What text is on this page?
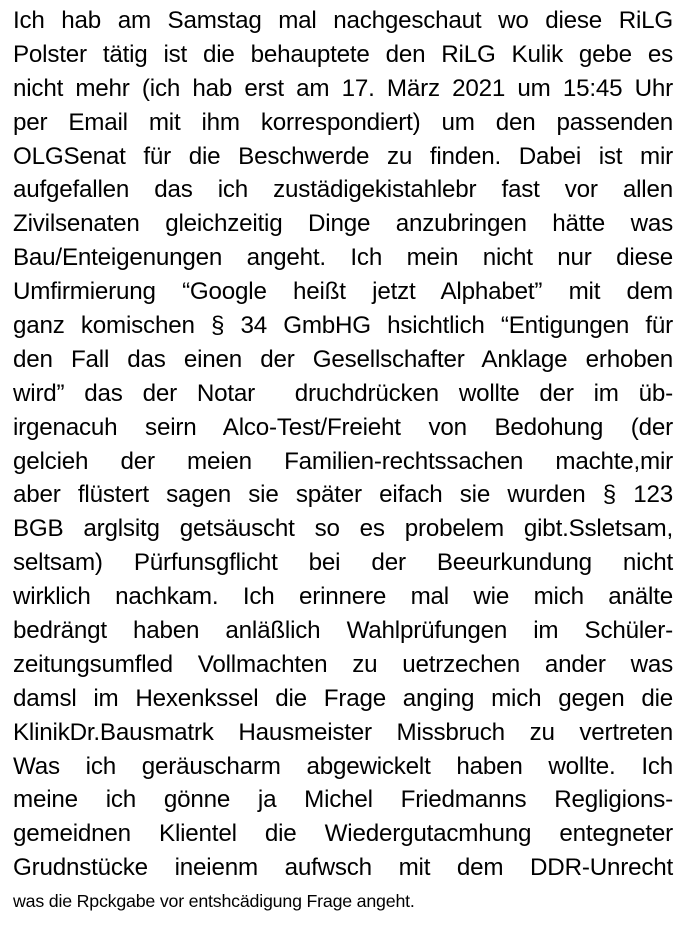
Ich hab am Samstag mal nachgeschaut wo diese RiLG
Polster tätig ist die behauptete den RiLG Kulik gebe es
nicht mehr (ich hab erst am 17. März 2021 um 15:45 Uhr
per Email mit ihm korrespondiert) um den passenden
OLGSenat für die Beschwerde zu finden. Dabei ist mir
aufgefallen das ich zustädigekistahlebr fast vor allen
Zivilsenaten gleichzeitig Dinge anzubringen hätte was
Bau/Enteigenungen angeht. Ich mein nicht nur diese
Umfirmierung “Google heißt jetzt Alphabet” mit dem
ganz komischen § 34 GmbHG hsichtlich “Entigungen für
den Fall das einen der Gesellschafter Anklage erhoben
wird” das der Notar  druchdrücken wollte der im üb-
irgenacuh seirn Alco-Test/Freieht von Bedohung (der
gelcieh der meien Familien-rechtssachen machte,mir
aber flüstert sagen sie später eifach sie wurden § 123
BGB arglsitg getsäuscht so es probelem gibt.Ssletsam,
seltsam) Pürfunsgflicht bei der Beeurkundung nicht
wirklich nachkam. Ich erinnere mal wie mich anälte
bedrängt haben anläßlich Wahlprüfungen im Schüler-
zeitungsumfled Vollmachten zu uetrzechen ander was
damsl im Hexenkssel die Frage anging mich gegen die
KlinikDr.Bausmatrk Hausmeister Missbruch zu vertreten
Was ich geräuscharm abgewickelt haben wollte. Ich
meine ich gönne ja Michel Friedmanns Regligions-
gemeidnen Klientel die Wiedergutacmhung entegneter
Grudnstücke ineienm aufwsch mit dem DDR-Unrecht
was die Rpckgabe vor entshcädigung Frage angeht.
